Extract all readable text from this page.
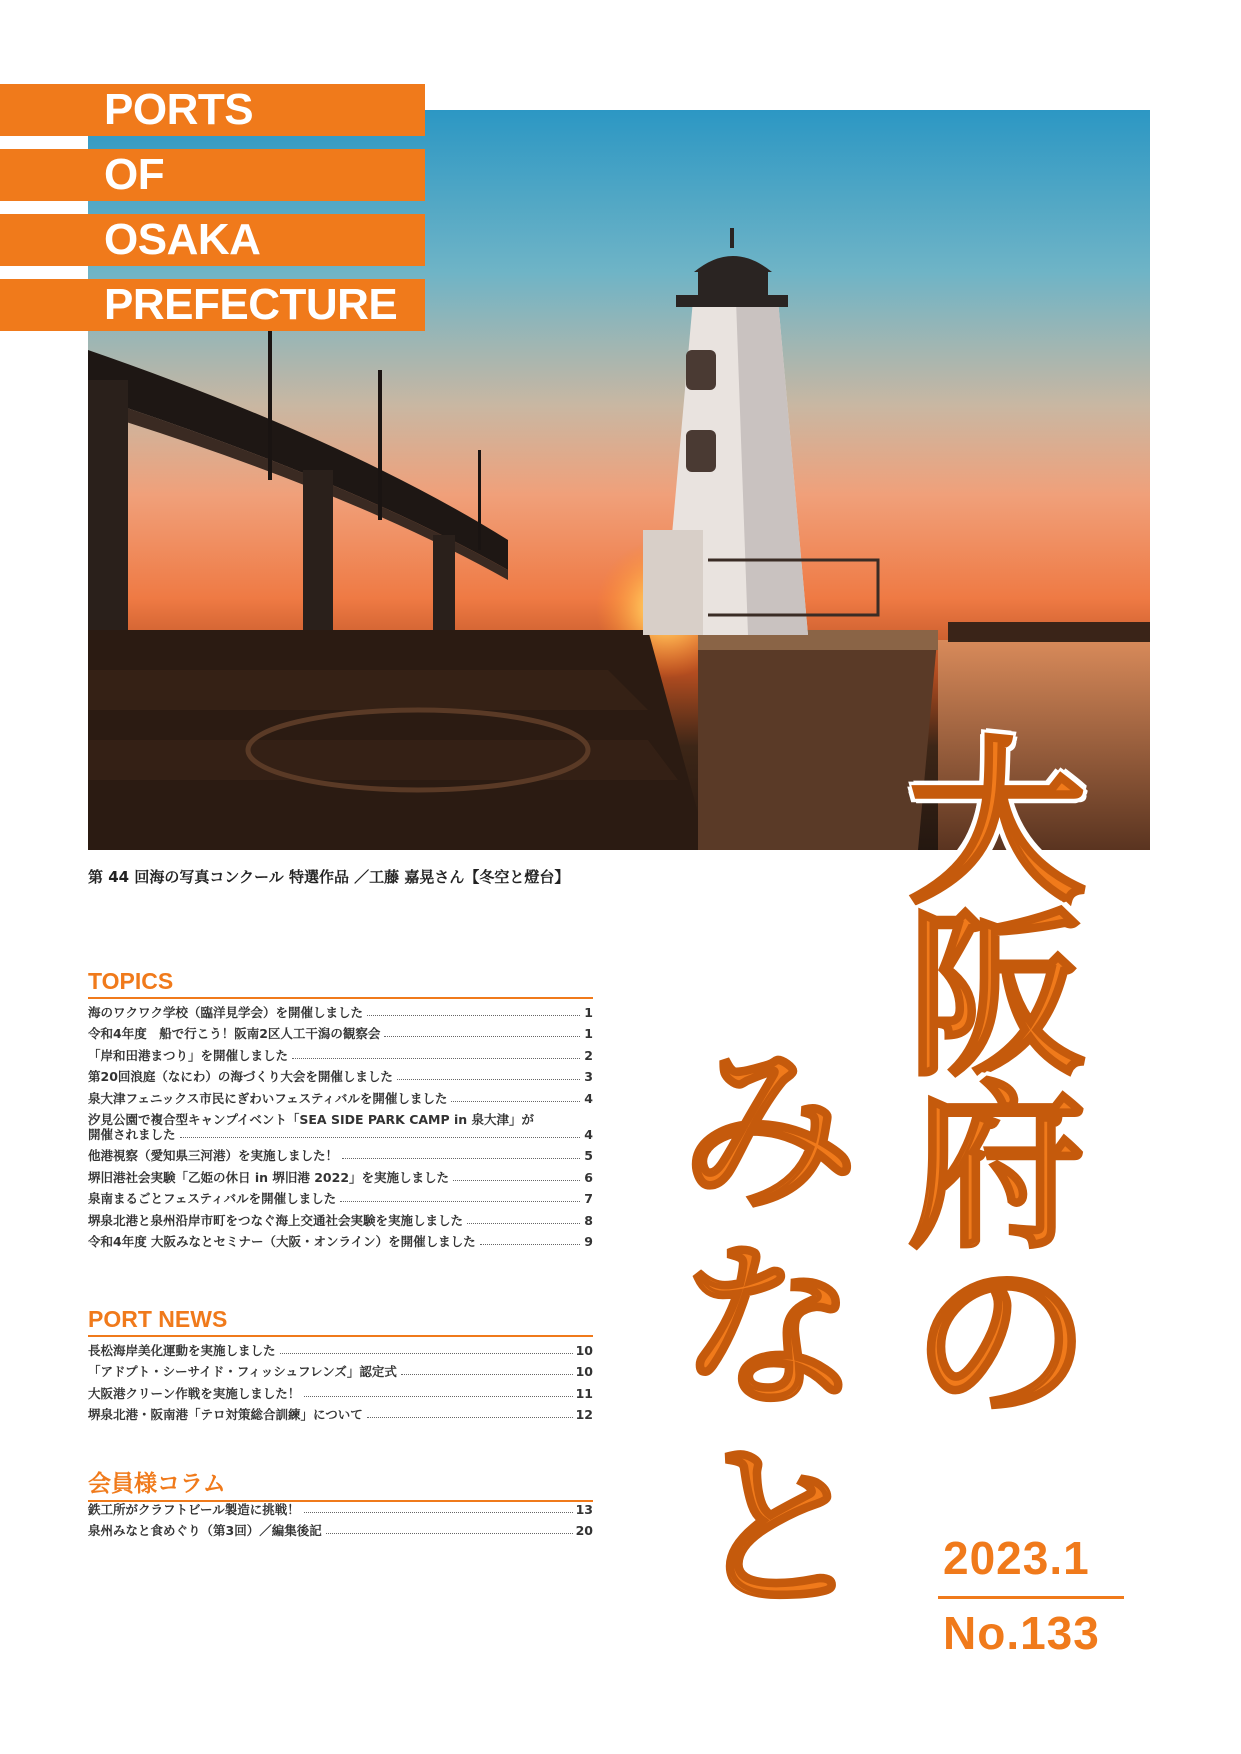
PORTS
OF
OSAKA
PREFECTURE
第 44 回海の写真コンクール 特選作品 ／工藤 嘉晃さん【冬空と燈台】
TOPICS
海のワクワク学校（臨洋見学会）を開催しました	1
令和4年度　船で行こう！阪南2区人工干潟の観察会	1
「岸和田港まつり」を開催しました	2
第20回浪庭（なにわ）の海づくり大会を開催しました	3
泉大津フェニックス市民にぎわいフェスティバルを開催しました	4
汐見公園で複合型キャンプイベント「SEA SIDE PARK CAMP in 泉大津」が
開催されました	4
他港視察（愛知県三河港）を実施しました！	5
堺旧港社会実験「乙姫の休日 in 堺旧港 2022」を実施しました	6
泉南まるごとフェスティバルを開催しました	7
堺泉北港と泉州沿岸市町をつなぐ海上交通社会実験を実施しました	8
令和4年度 大阪みなとセミナー（大阪・オンライン）を開催しました	9
PORT NEWS
長松海岸美化運動を実施しました	10
「アドプト・シーサイド・フィッシュフレンズ」認定式	10
大阪港クリーン作戦を実施しました！	11
堺泉北港・阪南港「テロ対策総合訓練」について	12
会員様コラム
鉄工所がクラフトビール製造に挑戦！	13
泉州みなと食めぐり（第3回）／編集後記	20
大
阪
府
の
み
な
と 2023.1
No.133
